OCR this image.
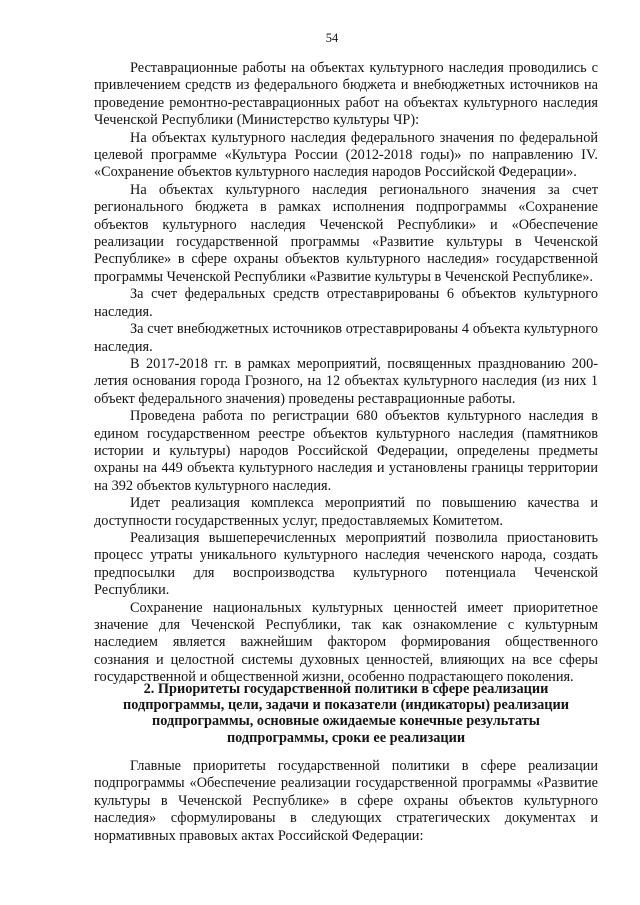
54

Реставрационные работы на объектах культурного наследия проводились с привлечением средств из федерального бюджета и внебюджетных источников на проведение ремонтно-реставрационных работ на объектах культурного наследия Чеченской Республики (Министерство культуры ЧР):

На объектах культурного наследия федерального значения по федеральной целевой программе «Культура России (2012-2018 годы)» по направлению IV. «Сохранение объектов культурного наследия народов Российской Федерации».

На объектах культурного наследия регионального значения за счет регионального бюджета в рамках исполнения подпрограммы «Сохранение объектов культурного наследия Чеченской Республики» и «Обеспечение реализации государственной программы «Развитие культуры в Чеченской Республике» в сфере охраны объектов культурного наследия» государственной программы Чеченской Республики «Развитие культуры в Чеченской Республике».

За счет федеральных средств отреставрированы 6 объектов культурного наследия.

За счет внебюджетных источников отреставрированы 4 объекта культурного наследия.

В 2017-2018 гг. в рамках мероприятий, посвященных празднованию 200-летия основания города Грозного, на 12 объектах культурного наследия (из них 1 объект федерального значения) проведены реставрационные работы.

Проведена работа по регистрации 680 объектов культурного наследия в едином государственном реестре объектов культурного наследия (памятников истории и культуры) народов Российской Федерации, определены предметы охраны на 449 объекта культурного наследия и установлены границы территории на 392 объектов культурного наследия.

Идет реализация комплекса мероприятий по повышению качества и доступности государственных услуг, предоставляемых Комитетом.

Реализация вышеперечисленных мероприятий позволила приостановить процесс утраты уникального культурного наследия чеченского народа, создать предпосылки для воспроизводства культурного потенциала Чеченской Республики.

Сохранение национальных культурных ценностей имеет приоритетное значение для Чеченской Республики, так как ознакомление с культурным наследием является важнейшим фактором формирования общественного сознания и целостной системы духовных ценностей, влияющих на все сферы государственной и общественной жизни, особенно подрастающего поколения.

2. Приоритеты государственной политики в сфере реализации

подпрограммы, цели, задачи и показатели (индикаторы) реализации

подпрограммы, основные ожидаемые конечные результаты

подпрограммы, сроки ее реализации

Главные приоритеты государственной политики в сфере реализации подпрограммы «Обеспечение реализации государственной программы «Развитие культуры в Чеченской Республике» в сфере охраны объектов культурного наследия» сформулированы в следующих стратегических документах и нормативных правовых актах Российской Федерации:
